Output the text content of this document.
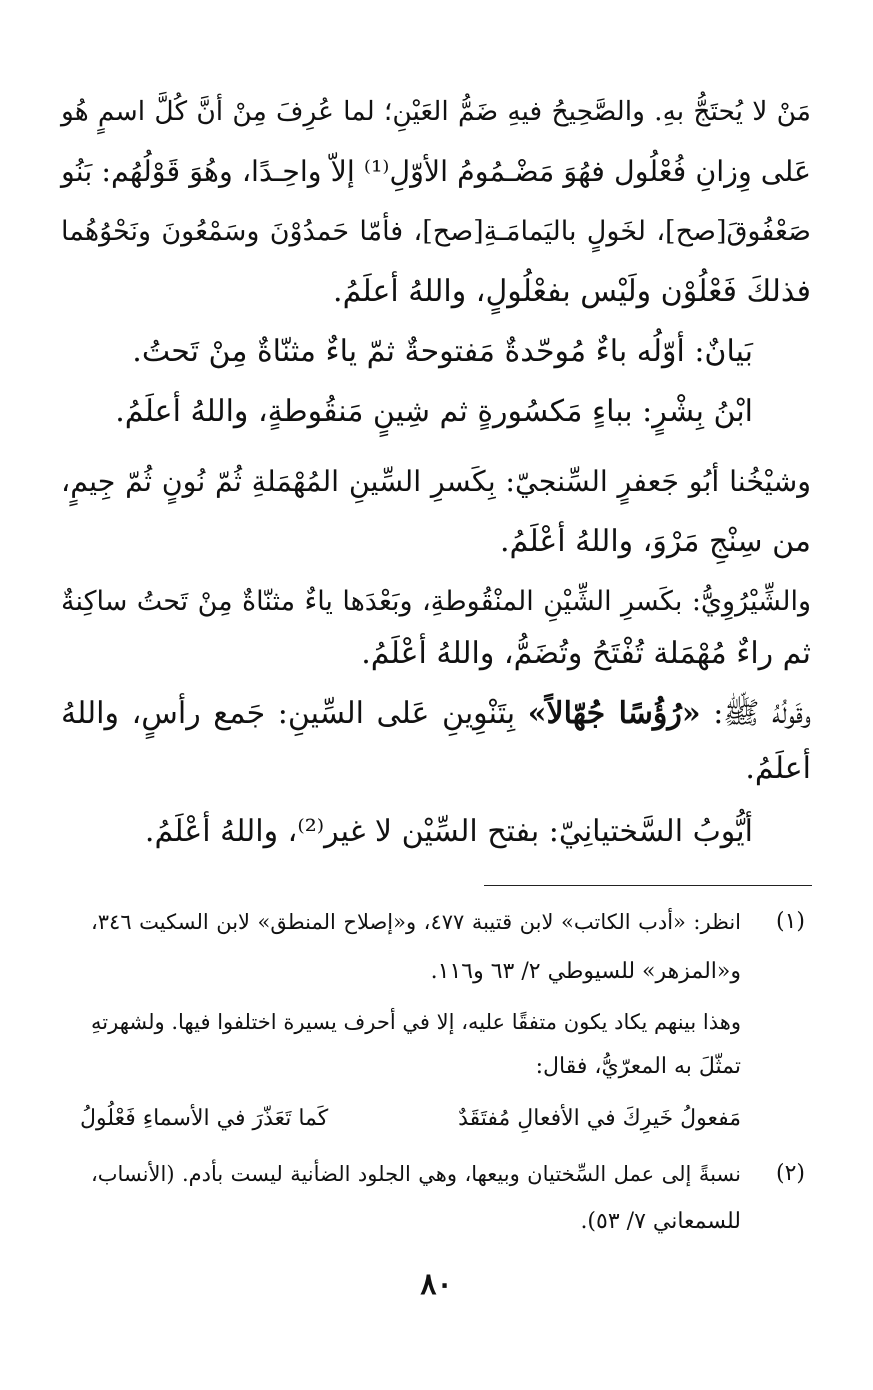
مَنْ لا يُحتَجُّ بهِ. والصَّحِيحُ فيهِ ضَمُّ العَيْنِ؛ لما عُرِفَ مِنْ أنَّ كُلَّ اسمٍ هُو
عَلى وِزانِ فُعْلُول فهُوَ مَضْـمُومُ الأوّلِ⁽¹⁾ إلاّ واحِـدًا، وهُوَ قَوْلُهُم: بَنُو
صَعْفُوقَ[صح]، لخَولٍ باليَمامَـةِ[صح]، فأمّا حَمدُوْنَ وسَمْعُونَ ونَحْوُهُما
فذلكَ فَعْلُوْن ولَيْس بفعْلُولٍ، واللهُ أعلَمُ.
بَيانٌ: أوّلُه باءٌ مُوحّدةٌ مَفتوحةٌ ثمّ ياءٌ مثنّاةٌ مِنْ تَحتُ.
ابْنُ بِشْرٍ: بباءٍ مَكسُورةٍ ثم شِينٍ مَنقُوطةٍ، واللهُ أعلَمُ.
وشيْخُنا أبُو جَعفرٍ السِّنجيّ: بِكَسرِ السِّينِ المُهْمَلةِ ثُمّ نُونٍ ثُمّ جِيمٍ،
من سِنْجِ مَرْوَ، واللهُ أعْلَمُ.
والشِّيْرُوِيُّ: بكَسرِ الشِّيْنِ المنْقُوطةِ، وبَعْدَها ياءٌ مثنّاةٌ مِنْ تَحتُ ساكِنةٌ
ثم راءٌ مُهْمَلة تُفْتَحُ وتُضَمُّ، واللهُ أعْلَمُ.
وقَولُهُ ﷺ: «رُؤُسًا جُهّالاً» بِتَنْوِينِ عَلى السِّينِ: جَمع رأسٍ، واللهُ
أعلَمُ.
أيُّوبُ السَّختيانِيّ: بفتح السِّيْن لا غير⁽²⁾، واللهُ أعْلَمُ.
(١)
انظر: «أدب الكاتب» لابن قتيبة ٤٧٧، و«إصلاح المنطق» لابن السكيت ٣٤٦،
و«المزهر» للسيوطي ٢/ ٦٣ و١١٦.
وهذا بينهم يكاد يكون متفقًا عليه، إلا في أحرف يسيرة اختلفوا فيها. ولشهرتهِ
تمثّلَ به المعرّيُّ، فقال:
مَفعولُ خَيرِكَ في الأفعالِ مُفتَقَدٌ
كَما تَعَذّرَ في الأسماءِ فَعْلُولُ
(٢)
نسبةً إلى عمل السِّختيان وبيعها، وهي الجلود الضأنية ليست بأدم. (الأنساب،
للسمعاني ٧/ ٥٣).
٨٠
